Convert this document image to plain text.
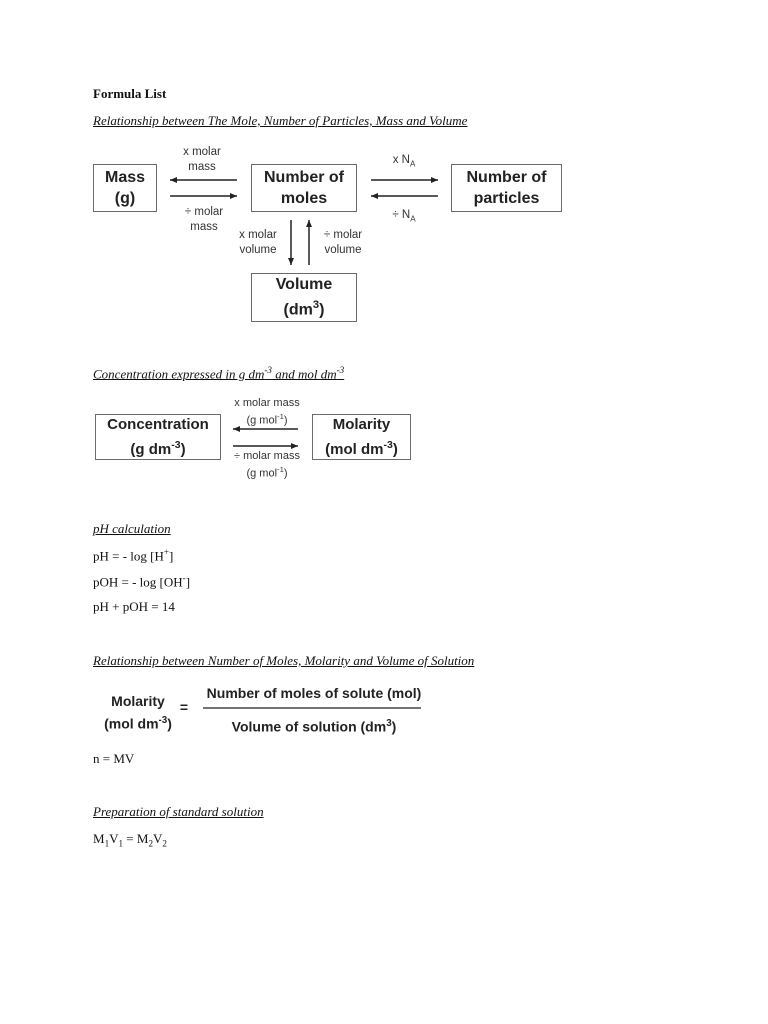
Formula List
Relationship between The Mole, Number of Particles, Mass and Volume
Mass
(g)
Number of
moles
Number of
particles
Volume
$(dm^3)$
x molar
mass
÷ molar
mass
x $N_A$
÷ $N_A$
x molar
volume
÷ molar
volume
Concentration expressed in g $dm^{-3}$ and mol $dm^{-3}$
Concentration
(g $dm^{-3}$)
Molarity
(mol $dm^{-3}$)
x molar mass
(g mol$^{-1}$)
÷ molar mass
(g mol$^{-1}$)
pH calculation
pH = - log [H+]
pOH = - log [OH-]
pH + pOH = 14
Relationship between Number of Moles, Molarity and Volume of Solution
Molarity
(mol $dm^{-3}$)
=
Number of moles of solute (mol)
Volume of solution $(dm^3)$
n = MV
Preparation of standard solution
$M_1V_1 = M_2V_2$
